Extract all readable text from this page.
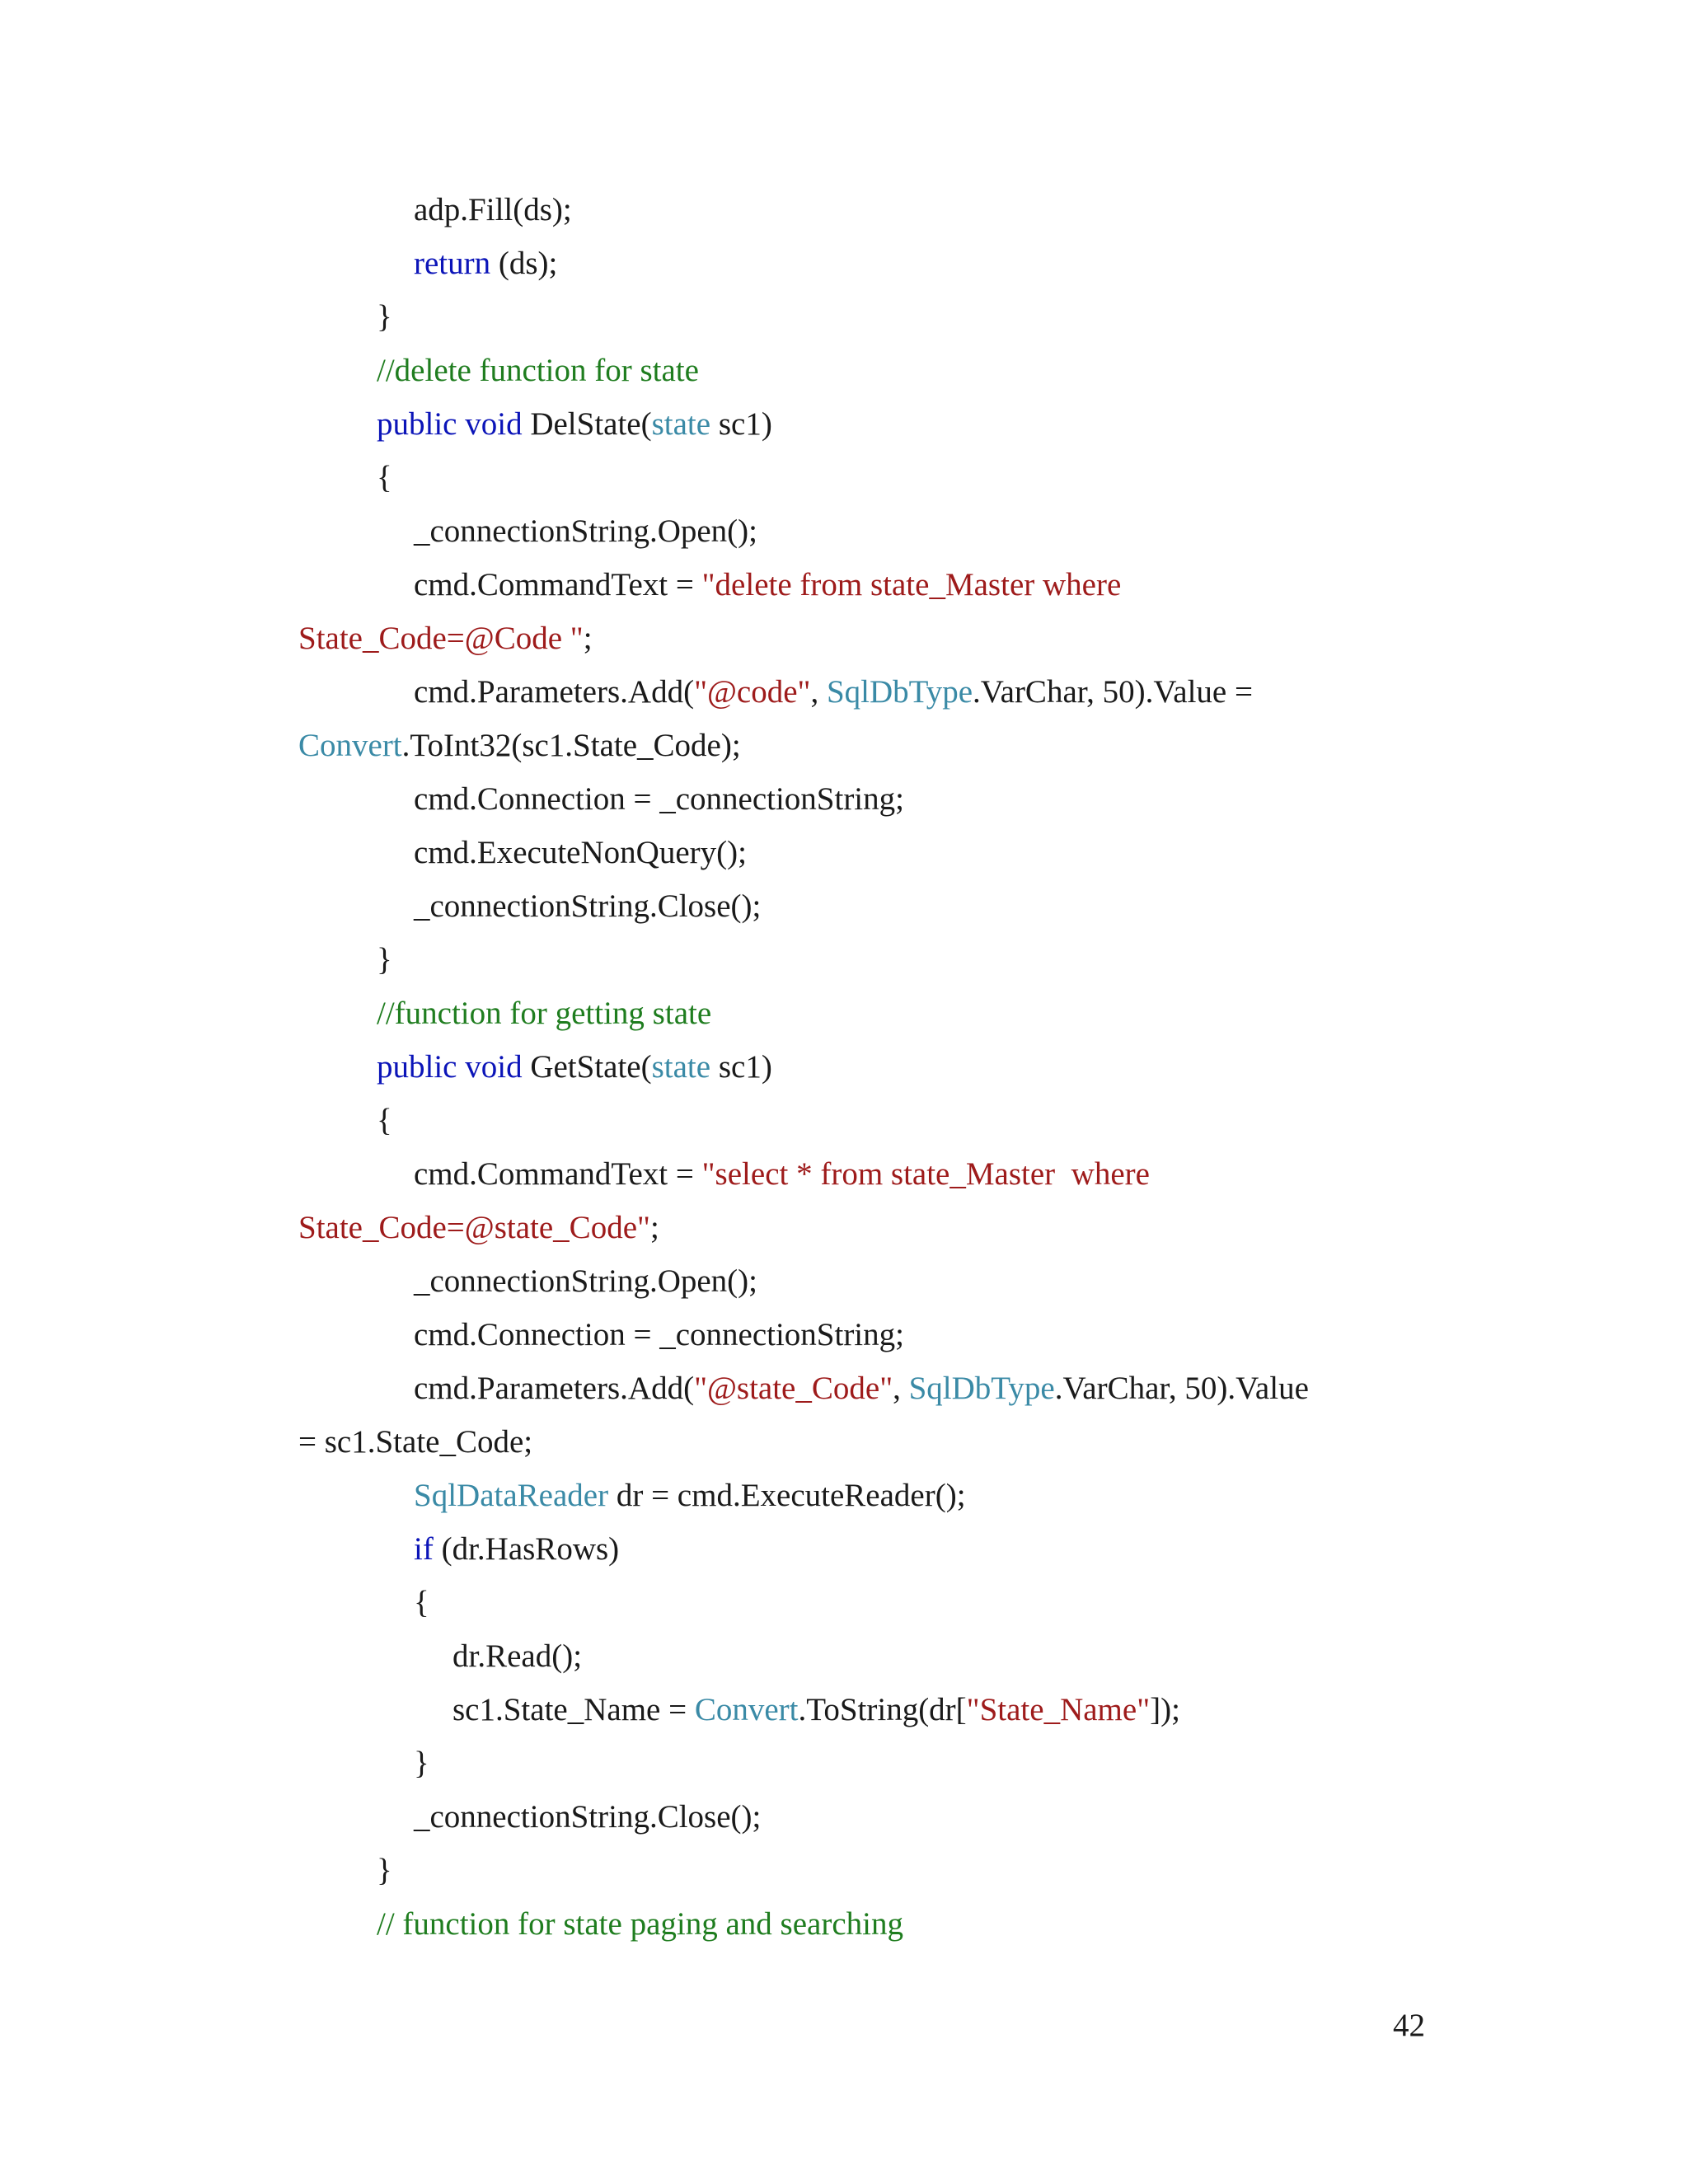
adp.Fill(ds);
return (ds);
}
//delete function for state
public void DelState(state sc1)
{
_connectionString.Open();
cmd.CommandText = "delete from state_Master where
State_Code=@Code ";
cmd.Parameters.Add("@code", SqlDbType.VarChar, 50).Value =
Convert.ToInt32(sc1.State_Code);
cmd.Connection = _connectionString;
cmd.ExecuteNonQuery();
_connectionString.Close();
}
//function for getting state
public void GetState(state sc1)
{
cmd.CommandText = "select * from state_Master  where
State_Code=@state_Code";
_connectionString.Open();
cmd.Connection = _connectionString;
cmd.Parameters.Add("@state_Code", SqlDbType.VarChar, 50).Value
= sc1.State_Code;
SqlDataReader dr = cmd.ExecuteReader();
if (dr.HasRows)
{
dr.Read();
sc1.State_Name = Convert.ToString(dr["State_Name"]);
}
_connectionString.Close();
}
// function for state paging and searching
42
